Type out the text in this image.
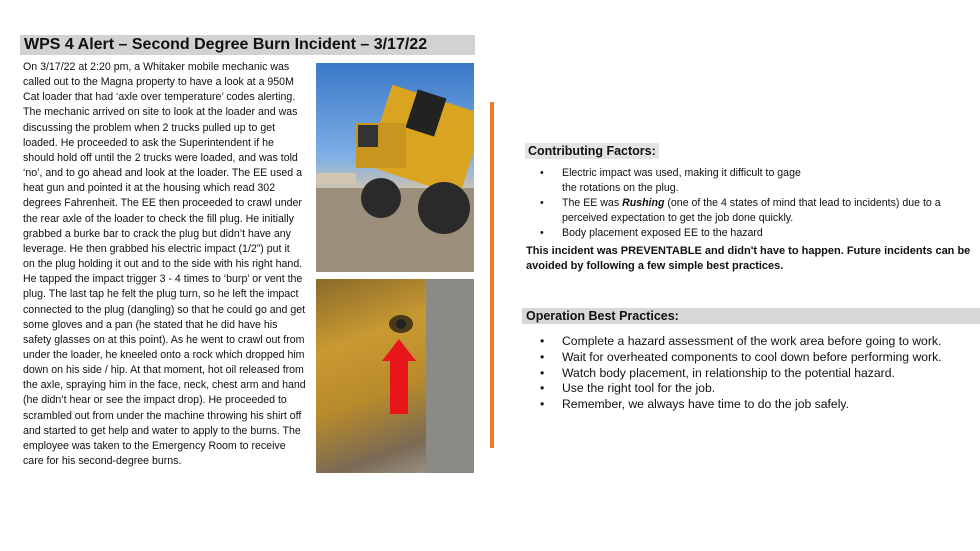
WPS 4 Alert – Second Degree Burn Incident – 3/17/22
On 3/17/22 at 2:20 pm, a Whitaker mobile mechanic was
called out to the Magna property to have a look at a 950M
Cat loader that had ‘axle over temperature’ codes alerting.
The mechanic arrived on site to look at the loader and was
discussing the problem when 2 trucks pulled up to get
loaded. He proceeded to ask the Superintendent if he
should hold off until the 2 trucks were loaded, and was told
‘no’, and to go ahead and look at the loader. The EE used a
heat gun and pointed it at the housing which read 302
degrees Fahrenheit. The EE then proceeded to crawl under
the rear axle of the loader to check the fill plug. He initially
grabbed a burke bar to crack the plug but didn’t have any
leverage. He then grabbed his electric impact (1/2”) put it
on the plug holding it out and to the side with his right hand.
He tapped the impact trigger 3 - 4 times to ‘burp’ or vent the
plug. The last tap he felt the plug turn, so he left the impact
connected to the plug (dangling) so that he could go and get
some gloves and a pan (he stated that he did have his
safety glasses on at this point). As he went to crawl out from
under the loader, he kneeled onto a rock which dropped him
down on his side / hip. At that moment, hot oil released from
the axle, spraying him in the face, neck, chest arm and hand
(he didn’t hear or see the impact drop). He proceeded to
scrambled out from under the machine throwing his shirt off
and started to get help and water to apply to the burns. The
employee was taken to the Emergency Room to receive
care for his second-degree burns.
Contributing Factors:
• Electric impact was used, making it difficult to gage
the rotations on the plug.
• The EE was Rushing (one of the 4 states of mind that lead to incidents) due to a perceived expectation to get the job done quickly.
• Body placement exposed EE to the hazard
This incident was PREVENTABLE and didn't have to happen. Future incidents can be avoided by following a few simple best practices.
Operation Best Practices:
• Complete a hazard assessment of the work area before going to work.
• Wait for overheated components to cool down before performing work.
• Watch body placement, in relationship to the potential hazard.
• Use the right tool for the job.
• Remember, we always have time to do the job safely.
